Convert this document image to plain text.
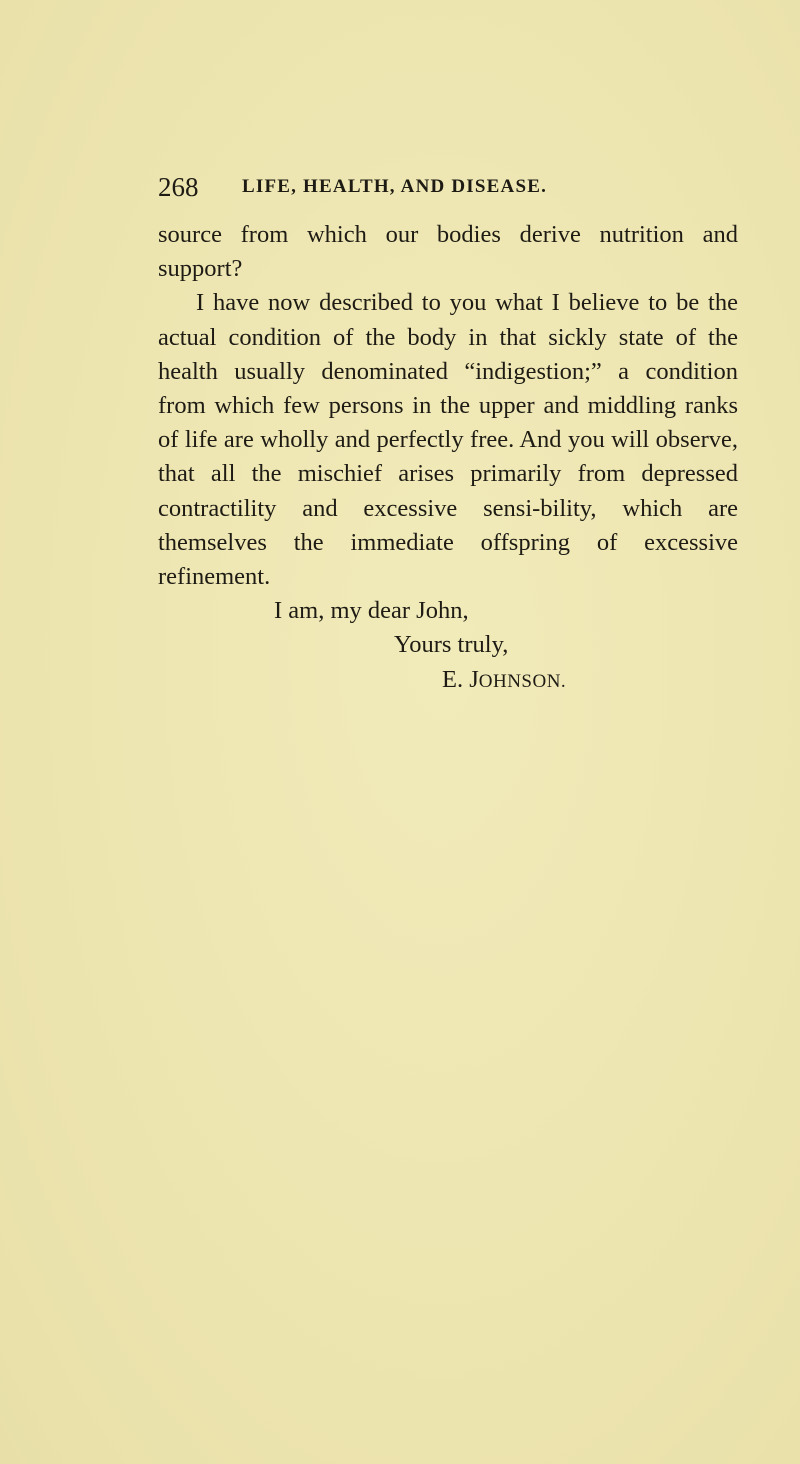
268 LIFE, HEALTH, AND DISEASE.

source from which our bodies derive nutrition and support?

I have now described to you what I believe to be the actual condition of the body in that sickly state of the health usually denominated “indigestion;” a condition from which few persons in the upper and middling ranks of life are wholly and perfectly free. And you will observe, that all the mischief arises primarily from depressed contractility and excessive sensi-bility, which are themselves the immediate offspring of excessive refinement.

I am, my dear John,
Yours truly,
E. JOHNSON.
